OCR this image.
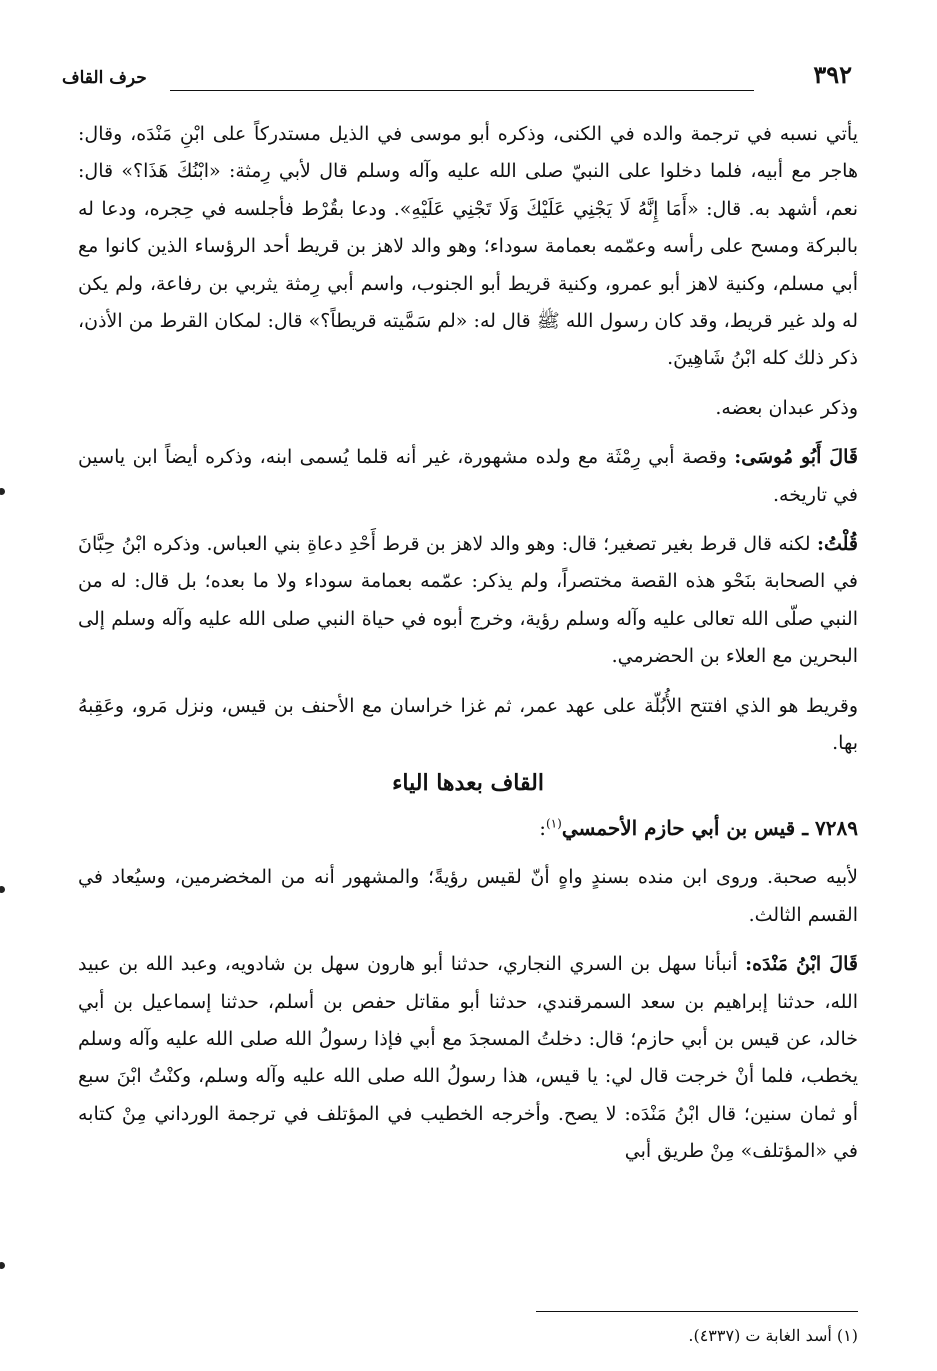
٣٩٢
حرف القاف

يأتي نسبه في ترجمة والده في الكنى، وذكره أبو موسى في الذيل مستدركاً على ابْنِ مَنْدَه، وقال: هاجر مع أبيه، فلما دخلوا على النبيّ صلى الله عليه وآله وسلم قال لأبي رِمثة: «ابْنُكَ هَذَا؟» قال: نعم، أشهد به. قال: «أَمَا إِنَّهُ لَا يَجْنِي عَلَيْكَ وَلَا تَجْنِي عَلَيْهِ». ودعا بقُرْط فأجلسه في حِجره، ودعا له بالبركة ومسح على رأسه وعمّمه بعمامة سوداء؛ وهو والد لاهز بن قريط أحد الرؤساء الذين كانوا مع أبي مسلم، وكنية لاهز أبو عمرو، وكنية قريط أبو الجنوب، واسم أبي رِمثة يثربي بن رفاعة، ولم يكن له ولد غير قريط، وقد كان رسول الله ﷺ قال له: «لم سَمَّيته قريطاً؟» قال: لمكان القرط من الأذن، ذكر ذلك كله ابْنُ شَاهِينَ.

وذكر عبدان بعضه.

قَالَ أَبُو مُوسَى: وقصة أبي رِمْثَة مع ولده مشهورة، غير أنه قلما يُسمى ابنه، وذكره أيضاً ابن ياسين في تاريخه.

قُلْتُ: لكنه قال قرط بغير تصغير؛ قال: وهو والد لاهز بن قرط أَحْدِ دعاةِ بني العباس. وذكره ابْنُ حِبَّانَ في الصحابة بنَحْو هذه القصة مختصراً، ولم يذكر: عمّمه بعمامة سوداء ولا ما بعده؛ بل قال: له من النبي صلّى الله تعالى عليه وآله وسلم رؤية، وخرج أبوه في حياة النبي صلى الله عليه وآله وسلم إلى البحرين مع العلاء بن الحضرمي.

وقريط هو الذي افتتح الأُبُلّة على عهد عمر، ثم غزا خراسان مع الأحنف بن قيس، ونزل مَرو، وعَقِبهُ بها.

القاف بعدها الياء

٧٢٨٩ ـ قيس بن أبي حازم الأحمسي$^{(١)}$:

لأبيه صحبة. وروى ابن منده بسندٍ واهٍ أنّ لقيس رؤيةً؛ والمشهور أنه من المخضرمين، وسيُعاد في القسم الثالث.

قَالَ ابْنُ مَنْدَه: أنبأنا سهل بن السري النجاري، حدثنا أبو هارون سهل بن شادويه، وعبد الله بن عبيد الله، حدثنا إبراهيم بن سعد السمرقندي، حدثنا أبو مقاتل حفص بن أسلم، حدثنا إسماعيل بن أبي خالد، عن قيس بن أبي حازم؛ قال: دخلتُ المسجدَ مع أبي فإذا رسولُ الله صلى الله عليه وآله وسلم يخطب، فلما أنْ خرجت قال لي: يا قيس، هذا رسولُ الله صلى الله عليه وآله وسلم، وكنْتُ ابْنَ سبع أو ثمان سنين؛ قال ابْنُ مَنْدَه: لا يصح. وأخرجه الخطيب في المؤتلف في ترجمة الورداني مِنْ كتابه في «المؤتلف» مِنْ طريق أبي

(١) أسد الغابة ت (٤٣٣٧).
